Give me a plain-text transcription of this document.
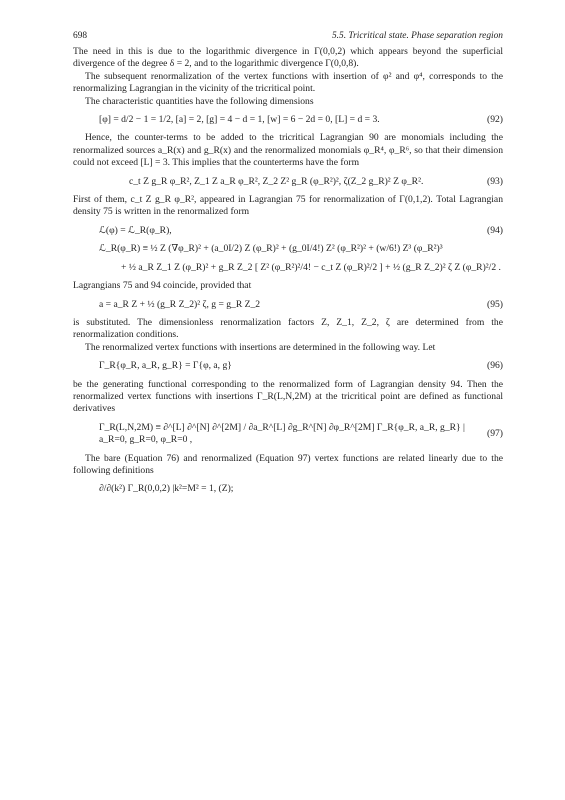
698	5.5. Tricritical state. Phase separation region

The need in this is due to the logarithmic divergence in Γ(0,0,2) which appears beyond the superficial divergence of the degree δ = 2, and to the logarithmic divergence Γ(0,0,8).

The subsequent renormalization of the vertex functions with insertion of φ² and φ⁴, corresponds to the renormalizing Lagrangian in the vicinity of the tricritical point.

The characteristic quantities have the following dimensions

[φ] = d/2 − 1 = 1/2, [a] = 2, [g] = 4 − d = 1, [w] = 6 − 2d = 0, [L] = d = 3.	(92)

Hence, the counter-terms to be added to the tricritical Lagrangian 90 are monomials including the renormalized sources a_R(x) and g_R(x) and the renormalized monomials φ_R⁴, φ_R⁶, so that their dimension could not exceed [L] = 3. This implies that the counterterms have the form

c_t Z g_R φ_R², Z_1 Z a_R φ_R², Z_2 Z² g_R (φ_R²)², ζ(Z_2 g_R)² Z φ_R².	(93)

First of them, c_t Z g_R φ_R², appeared in Lagrangian 75 for renormalization of Γ(0,1,2). Total Lagrangian density 75 is written in the renormalized form

ℒ(φ) = ℒ_R(φ_R),	(94)
ℒ_R(φ_R) ≡ ½ Z (∇φ_R)² + (a_0I/2) Z (φ_R)² + (g_0I/4!) Z² (φ_R²)² + (w/6!) Z³ (φ_R²)³
+ ½ a_R Z_1 Z (φ_R)² + g_R Z_2 [ Z² (φ_R²)²/4! − c_t Z (φ_R)²/2 ] + ½ (g_R Z_2)² ζ Z (φ_R)²/2 .

Lagrangians 75 and 94 coincide, provided that

a = a_R Z + ½ (g_R Z_2)² ζ, g = g_R Z_2	(95)

is substituted. The dimensionless renormalization factors Z, Z_1, Z_2, ζ are determined from the renormalization conditions.

The renormalized vertex functions with insertions are determined in the following way. Let

Γ_R{φ_R, a_R, g_R} = Γ{φ, a, g}	(96)

be the generating functional corresponding to the renormalized form of Lagrangian density 94. Then the renormalized vertex functions with insertions Γ_R(L,N,2M) at the tricritical point are defined as functional derivatives

Γ_R(L,N,2M) ≡ ∂^[L] ∂^[N] ∂^[2M] / ∂a_R^[L] ∂g_R^[N] ∂φ_R^[2M] Γ_R{φ_R, a_R, g_R} | a_R=0, g_R=0, φ_R=0 ,
(97)

The bare (Equation 76) and renormalized (Equation 97) vertex functions are related linearly due to the following definitions

∂/∂(k²) Γ_R(0,0,2) |k²=M² = 1, (Z);
